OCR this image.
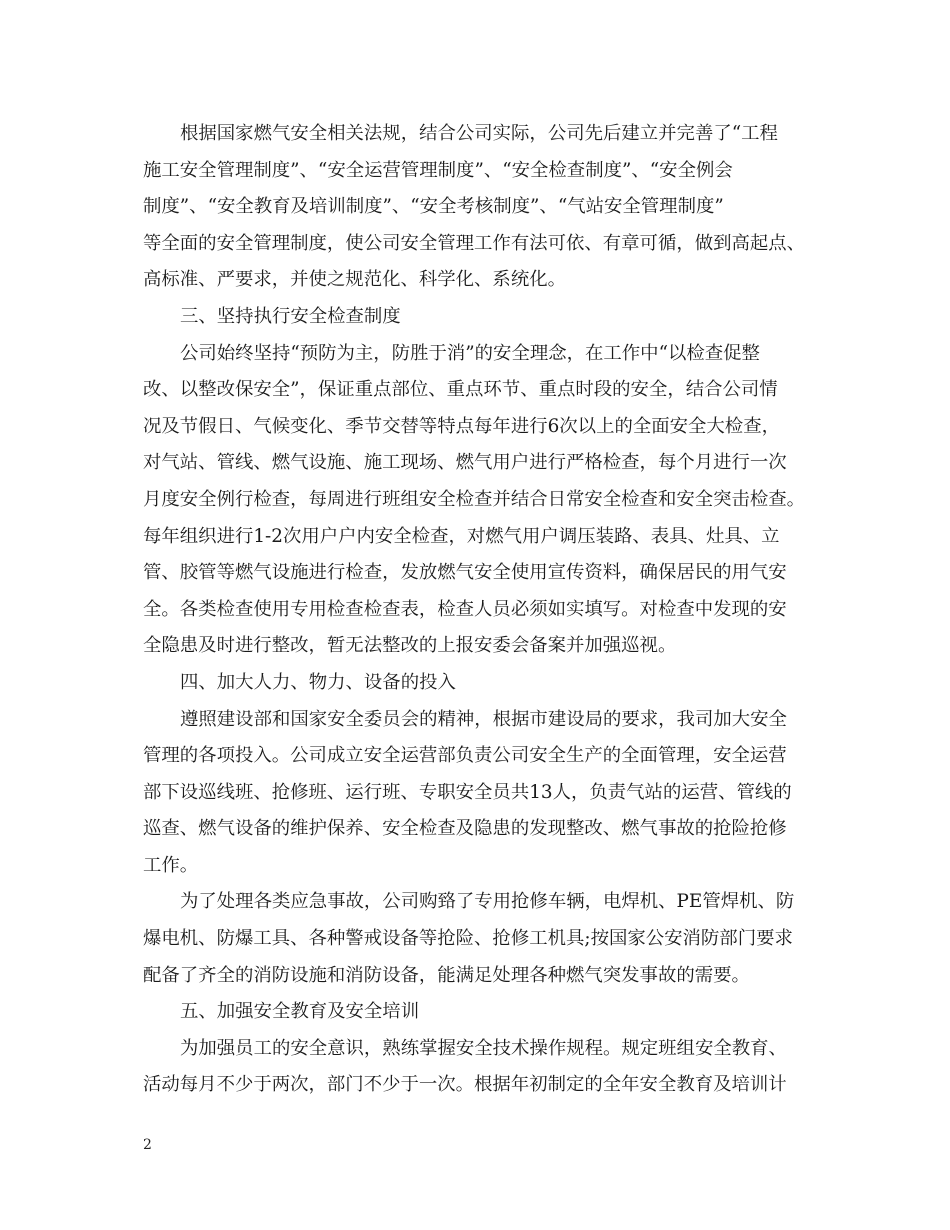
根据国家燃气安全相关法规，结合公司实际，公司先后建立并完善了“工程
施工安全管理制度”、“安全运营管理制度”、“安全检查制度”、“安全例会
制度”、“安全教育及培训制度”、“安全考核制度”、“气站安全管理制度”
等全面的安全管理制度，使公司安全管理工作有法可依、有章可循，做到高起点、
高标准、严要求，并使之规范化、科学化、系统化。
三、坚持执行安全检查制度
公司始终坚持“预防为主，防胜于消”的安全理念，在工作中“以检查促整
改、以整改保安全”，保证重点部位、重点环节、重点时段的安全，结合公司情
况及节假日、气候变化、季节交替等特点每年进行6次以上的全面安全大检查，
对气站、管线、燃气设施、施工现场、燃气用户进行严格检查，每个月进行一次
月度安全例行检查，每周进行班组安全检查并结合日常安全检查和安全突击检查。
每年组织进行1-2次用户户内安全检查，对燃气用户调压装路、表具、灶具、立
管、胶管等燃气设施进行检查，发放燃气安全使用宣传资料，确保居民的用气安
全。各类检查使用专用检查检查表，检查人员必须如实填写。对检查中发现的安
全隐患及时进行整改，暂无法整改的上报安委会备案并加强巡视。
四、加大人力、物力、设备的投入
遵照建设部和国家安全委员会的精神，根据市建设局的要求，我司加大安全
管理的各项投入。公司成立安全运营部负责公司安全生产的全面管理，安全运营
部下设巡线班、抢修班、运行班、专职安全员共13人，负责气站的运营、管线的
巡查、燃气设备的维护保养、安全检查及隐患的发现整改、燃气事故的抢险抢修
工作。
为了处理各类应急事故，公司购臵了专用抢修车辆，电焊机、PE管焊机、防
爆电机、防爆工具、各种警戒设备等抢险、抢修工机具;按国家公安消防部门要求
配备了齐全的消防设施和消防设备，能满足处理各种燃气突发事故的需要。
五、加强安全教育及安全培训
为加强员工的安全意识，熟练掌握安全技术操作规程。规定班组安全教育、
活动每月不少于两次，部门不少于一次。根据年初制定的全年安全教育及培训计
2
